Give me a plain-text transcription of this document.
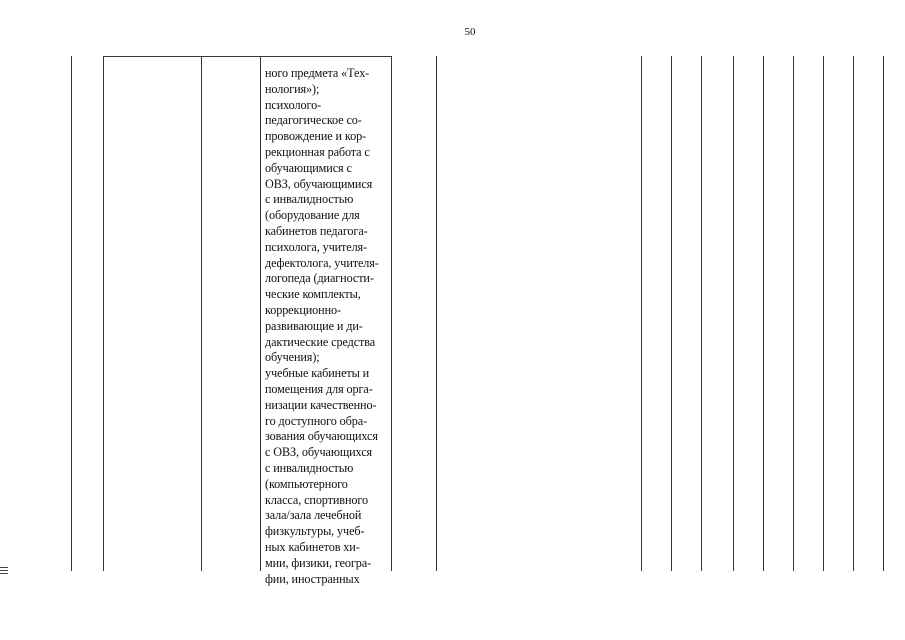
50
ного предмета «Тех-
нология»);
психолого-
педагогическое со-
провождение и кор-
рекционная работа с
обучающимися с
ОВЗ, обучающимися
с инвалидностью
(оборудование для
кабинетов педагога-
психолога, учителя-
дефектолога, учителя-
логопеда (диагности-
ческие комплекты,
коррекционно-
развивающие и ди-
дактические средства
обучения);
учебные кабинеты и
помещения для орга-
низации качественно-
го доступного обра-
зования обучающихся
с ОВЗ, обучающихся
с инвалидностью
(компьютерного
класса, спортивного
зала/зала лечебной
физкультуры, учеб-
ных кабинетов хи-
мии, физики, геогра-
фии, иностранных
